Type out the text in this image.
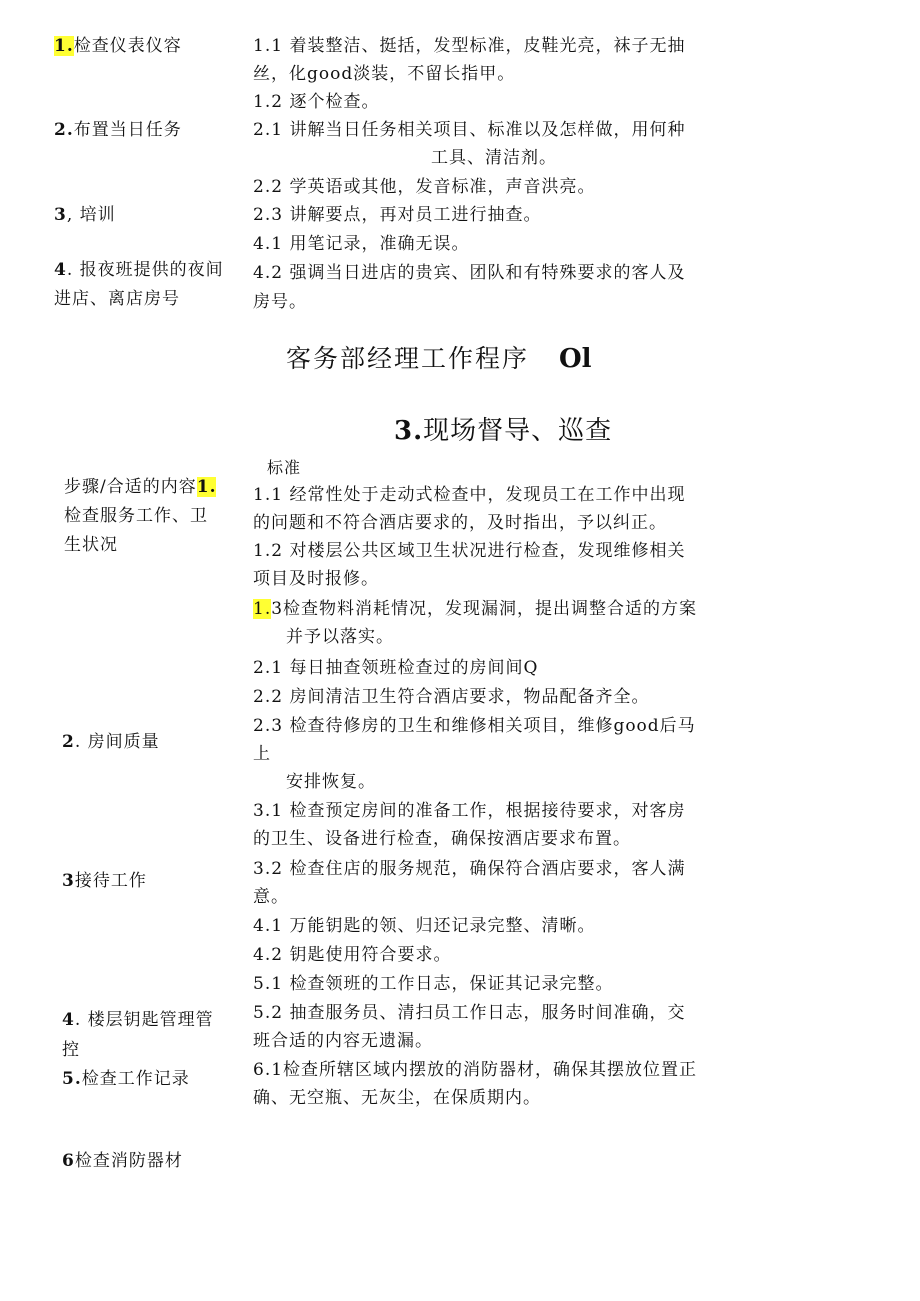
1.检查仪表仪容
2.布置当日任务
3, 培训
4. 报夜班提供的夜间
进店、离店房号
1.1 着装整洁、挺括，发型标准，皮鞋光亮，袜子无抽
丝，化good淡装，不留长指甲。
1.2 逐个检查。
2.1 讲解当日任务相关项目、标准以及怎样做，用何种
工具、清洁剂。
2.2 学英语或其他，发音标准，声音洪亮。
2.3 讲解要点，再对员工进行抽查。
4.1 用笔记录，准确无误。
4.2 强调当日进店的贵宾、团队和有特殊要求的客人及
房号。
客务部经理工作程序 Ol
3.现场督导、巡查
标准
步骤/合适的内容1.
检查服务工作、卫
生状况
2. 房间质量
3接待工作
4. 楼层钥匙管理管
控
5.检查工作记录
6检查消防器材
1.1 经常性处于走动式检查中，发现员工在工作中出现
的问题和不符合酒店要求的，及时指出，予以纠正。
1.2 对楼层公共区域卫生状况进行检查，发现维修相关
项目及时报修。
1.3检查物料消耗情况，发现漏洞，提出调整合适的方案
并予以落实。
2.1 每日抽查领班检查过的房间间Q
2.2 房间清洁卫生符合酒店要求，物品配备齐全。
2.3 检查待修房的卫生和维修相关项目，维修good后马
上
安排恢复。
3.1 检查预定房间的准备工作，根据接待要求，对客房
的卫生、设备进行检查，确保按酒店要求布置。
3.2 检查住店的服务规范，确保符合酒店要求，客人满
意。
4.1 万能钥匙的领、归还记录完整、清晰。
4.2 钥匙使用符合要求。
5.1 检查领班的工作日志，保证其记录完整。
5.2 抽查服务员、清扫员工作日志，服务时间准确，交
班合适的内容无遗漏。
6.1检查所辖区域内摆放的消防器材，确保其摆放位置正
确、无空瓶、无灰尘，在保质期内。
